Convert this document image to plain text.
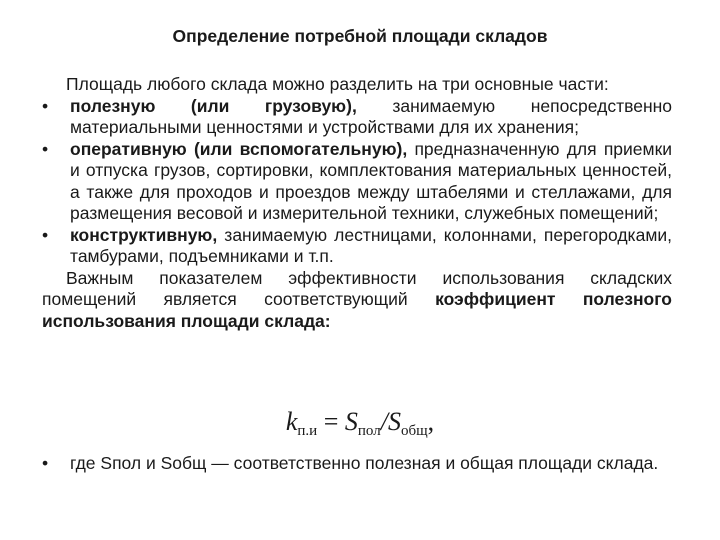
Определение потребной площади складов

Площадь любого склада можно разделить на три основные части:

• полезную (или грузовую), занимаемую непосредственно материальными ценностями и устройствами для их хранения;
• оперативную (или вспомогательную), предназначенную для приемки и отпуска грузов, сортировки, комплектования материальных ценностей, а также для проходов и проездов между штабелями и стеллажами, для размещения весовой и измерительной техники, служебных помещений;
• конструктивную, занимаемую лестницами, колоннами, перегородками, тамбурами, подъемниками и т.п.

Важным показателем эффективности использования складских помещений является соответствующий коэффициент полезного использования площади склада:

$k_{п.и} = S_{пол}/S_{общ}$,
• где Sпол и Sобщ — соответственно полезная и общая площади склада.
